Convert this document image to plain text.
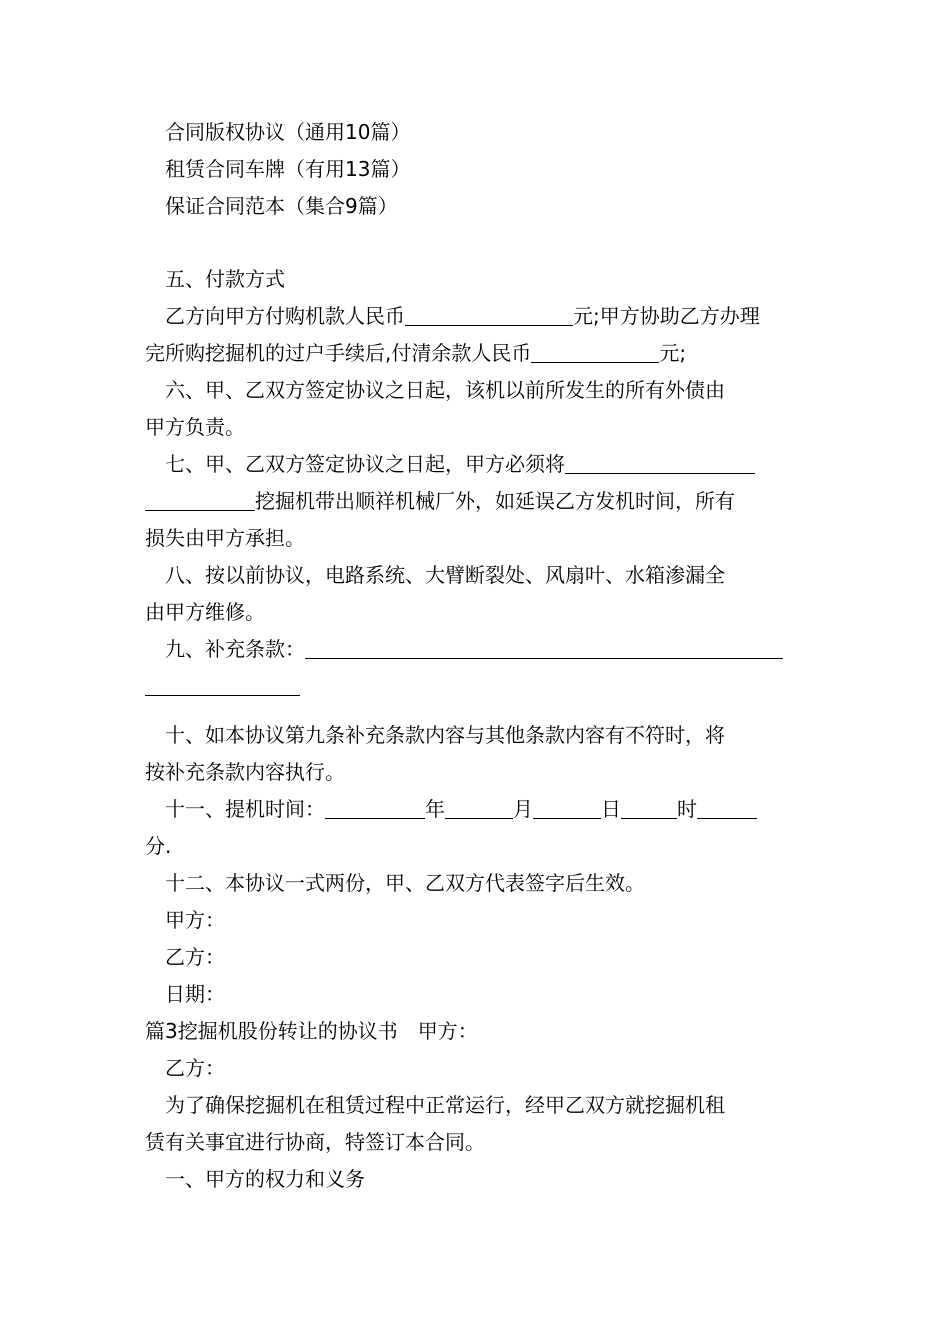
合同版权协议（通用10篇）
租赁合同车牌（有用13篇）
保证合同范本（集合9篇）
五、付款方式
乙方向甲方付购机款人民币	元;甲方协助乙方办理
完所购挖掘机的过户手续后,付清余款人民币	元;
六、甲、乙双方签定协议之日起，该机以前所发生的所有外债由
甲方负责。
七、甲、乙双方签定协议之日起，甲方必须将
挖掘机带出顺祥机械厂外，如延误乙方发机时间，所有
损失由甲方承担。
八、按以前协议，电路系统、大臂断裂处、风扇叶、水箱渗漏全
由甲方维修。
九、补充条款：
十、如本协议第九条补充条款内容与其他条款内容有不符时，将
按补充条款内容执行。
十一、提机时间：	年	月	日	时
分.
十二、本协议一式两份，甲、乙双方代表签字后生效。
甲方：
乙方：
日期：
篇3挖掘机股份转让的协议书　甲方：
乙方：
为了确保挖掘机在租赁过程中正常运行，经甲乙双方就挖掘机租
赁有关事宜进行协商，特签订本合同。
一、甲方的权力和义务
